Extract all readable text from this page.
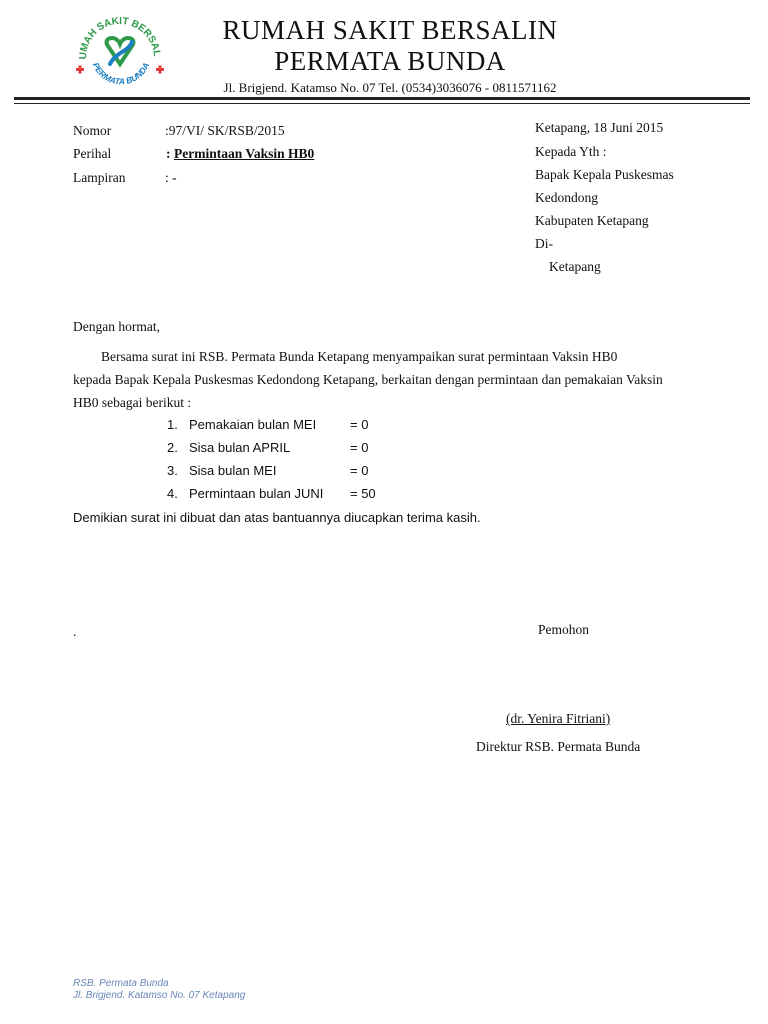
UMAH SAKIT BERSAL
PERMATA BUNDA
RUMAH SAKIT BERSALIN
PERMATA BUNDA
Jl. Brigjend. Katamso No. 07 Tel. (0534)3036076 - 0811571162
Nomor	:97/VI/ SK/RSB/2015
Perihal	: Permintaan Vaksin HB0
Lampiran	: -
Ketapang, 18 Juni 2015
Kepada Yth :
Bapak Kepala Puskesmas
Kedondong
Kabupaten Ketapang
Di-
Ketapang
Dengan hormat,
Bersama surat ini RSB. Permata Bunda Ketapang menyampaikan surat permintaan Vaksin HB0
kepada Bapak Kepala Puskesmas Kedondong Ketapang, berkaitan dengan permintaan dan pemakaian Vaksin
HB0 sebagai berikut :
1. Pemakaian bulan MEI	= 0
2. Sisa bulan APRIL	= 0
3. Sisa bulan MEI	= 0
4. Permintaan bulan JUNI = 50
Demikian surat ini dibuat dan atas bantuannya diucapkan terima kasih.
.	Pemohon
(dr. Yenira Fitriani)
Direktur RSB. Permata Bunda
RSB. Permata Bunda
Jl. Brigjend. Katamso No. 07 Ketapang
